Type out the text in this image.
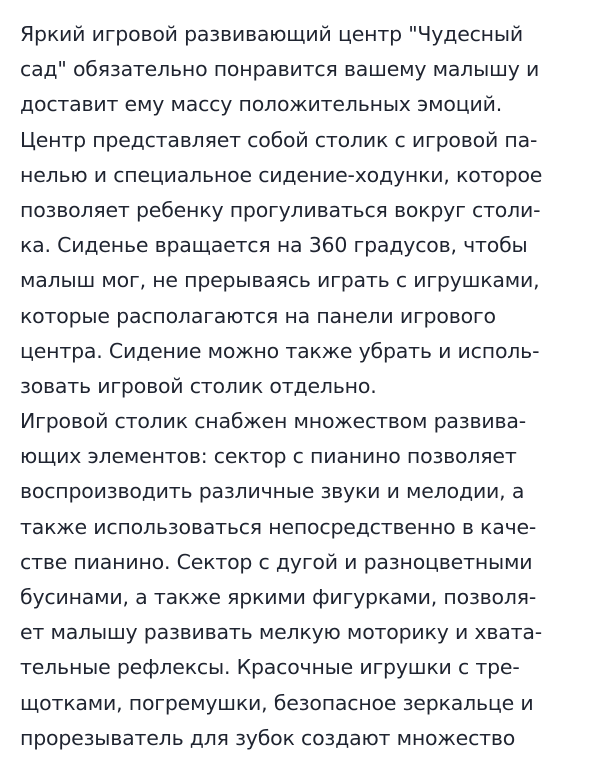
Яркий игровой развивающий центр "Чудесный
сад" обязательно понравится вашему малышу и
доставит ему массу положительных эмоций.
Центр представляет собой столик с игровой па-
нелью и специальное сидение-ходунки, которое
позволяет ребенку прогуливаться вокруг столи-
ка. Сиденье вращается на 360 градусов, чтобы
малыш мог, не прерываясь играть с игрушками,
которые располагаются на панели игрового
центра. Сидение можно также убрать и исполь-
зовать игровой столик отдельно.
Игровой столик снабжен множеством развива-
ющих элементов: сектор с пианино позволяет
воспроизводить различные звуки и мелодии, а
также использоваться непосредственно в каче-
стве пианино. Сектор с дугой и разноцветными
бусинами, а также яркими фигурками, позволя-
ет малышу развивать мелкую моторику и хвата-
тельные рефлексы. Красочные игрушки с тре-
щотками, погремушки, безопасное зеркальце и
прорезыватель для зубок создают множество
